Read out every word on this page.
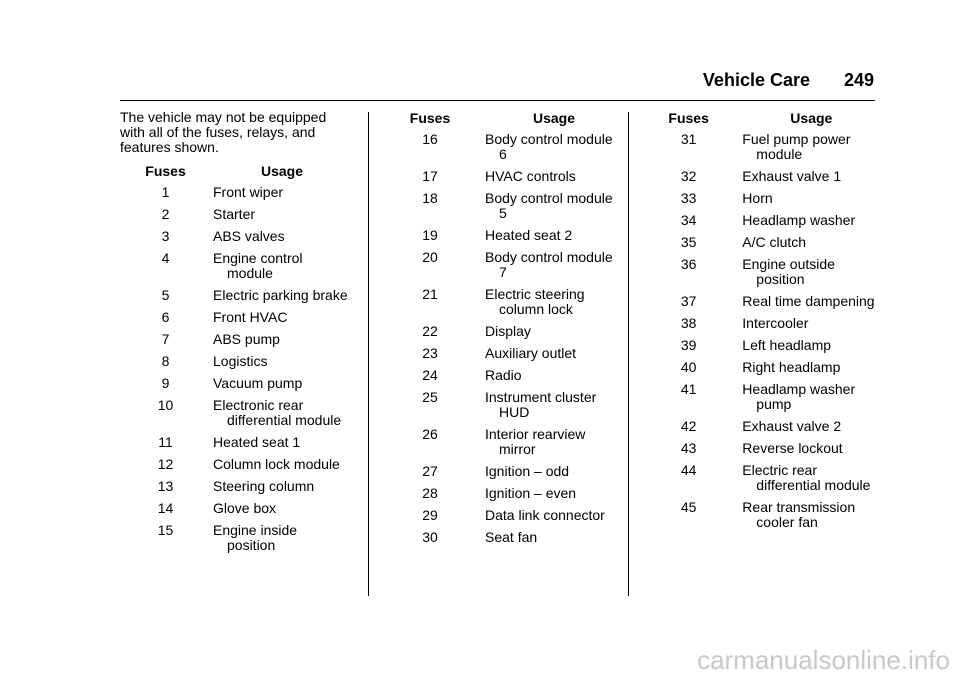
Vehicle Care 249

The vehicle may not be equipped with all of the fuses, relays, and features shown.

Fuses	Usage
1	Front wiper
2	Starter
3	ABS valves
4	Engine control module
5	Electric parking brake
6	Front HVAC
7	ABS pump
8	Logistics
9	Vacuum pump
10	Electronic rear differential module
11	Heated seat 1
12	Column lock module
13	Steering column
14	Glove box
15	Engine inside position
Fuses	Usage
16	Body control module 6
17	HVAC controls
18	Body control module 5
19	Heated seat 2
20	Body control module 7
21	Electric steering column lock
22	Display
23	Auxiliary outlet
24	Radio
25	Instrument cluster HUD
26	Interior rearview mirror
27	Ignition – odd
28	Ignition – even
29	Data link connector
30	Seat fan
Fuses	Usage
31	Fuel pump power module
32	Exhaust valve 1
33	Horn
34	Headlamp washer
35	A/C clutch
36	Engine outside position
37	Real time dampening
38	Intercooler
39	Left headlamp
40	Right headlamp
41	Headlamp washer pump
42	Exhaust valve 2
43	Reverse lockout
44	Electric rear differential module
45	Rear transmission cooler fan
carmanualsonline.info
